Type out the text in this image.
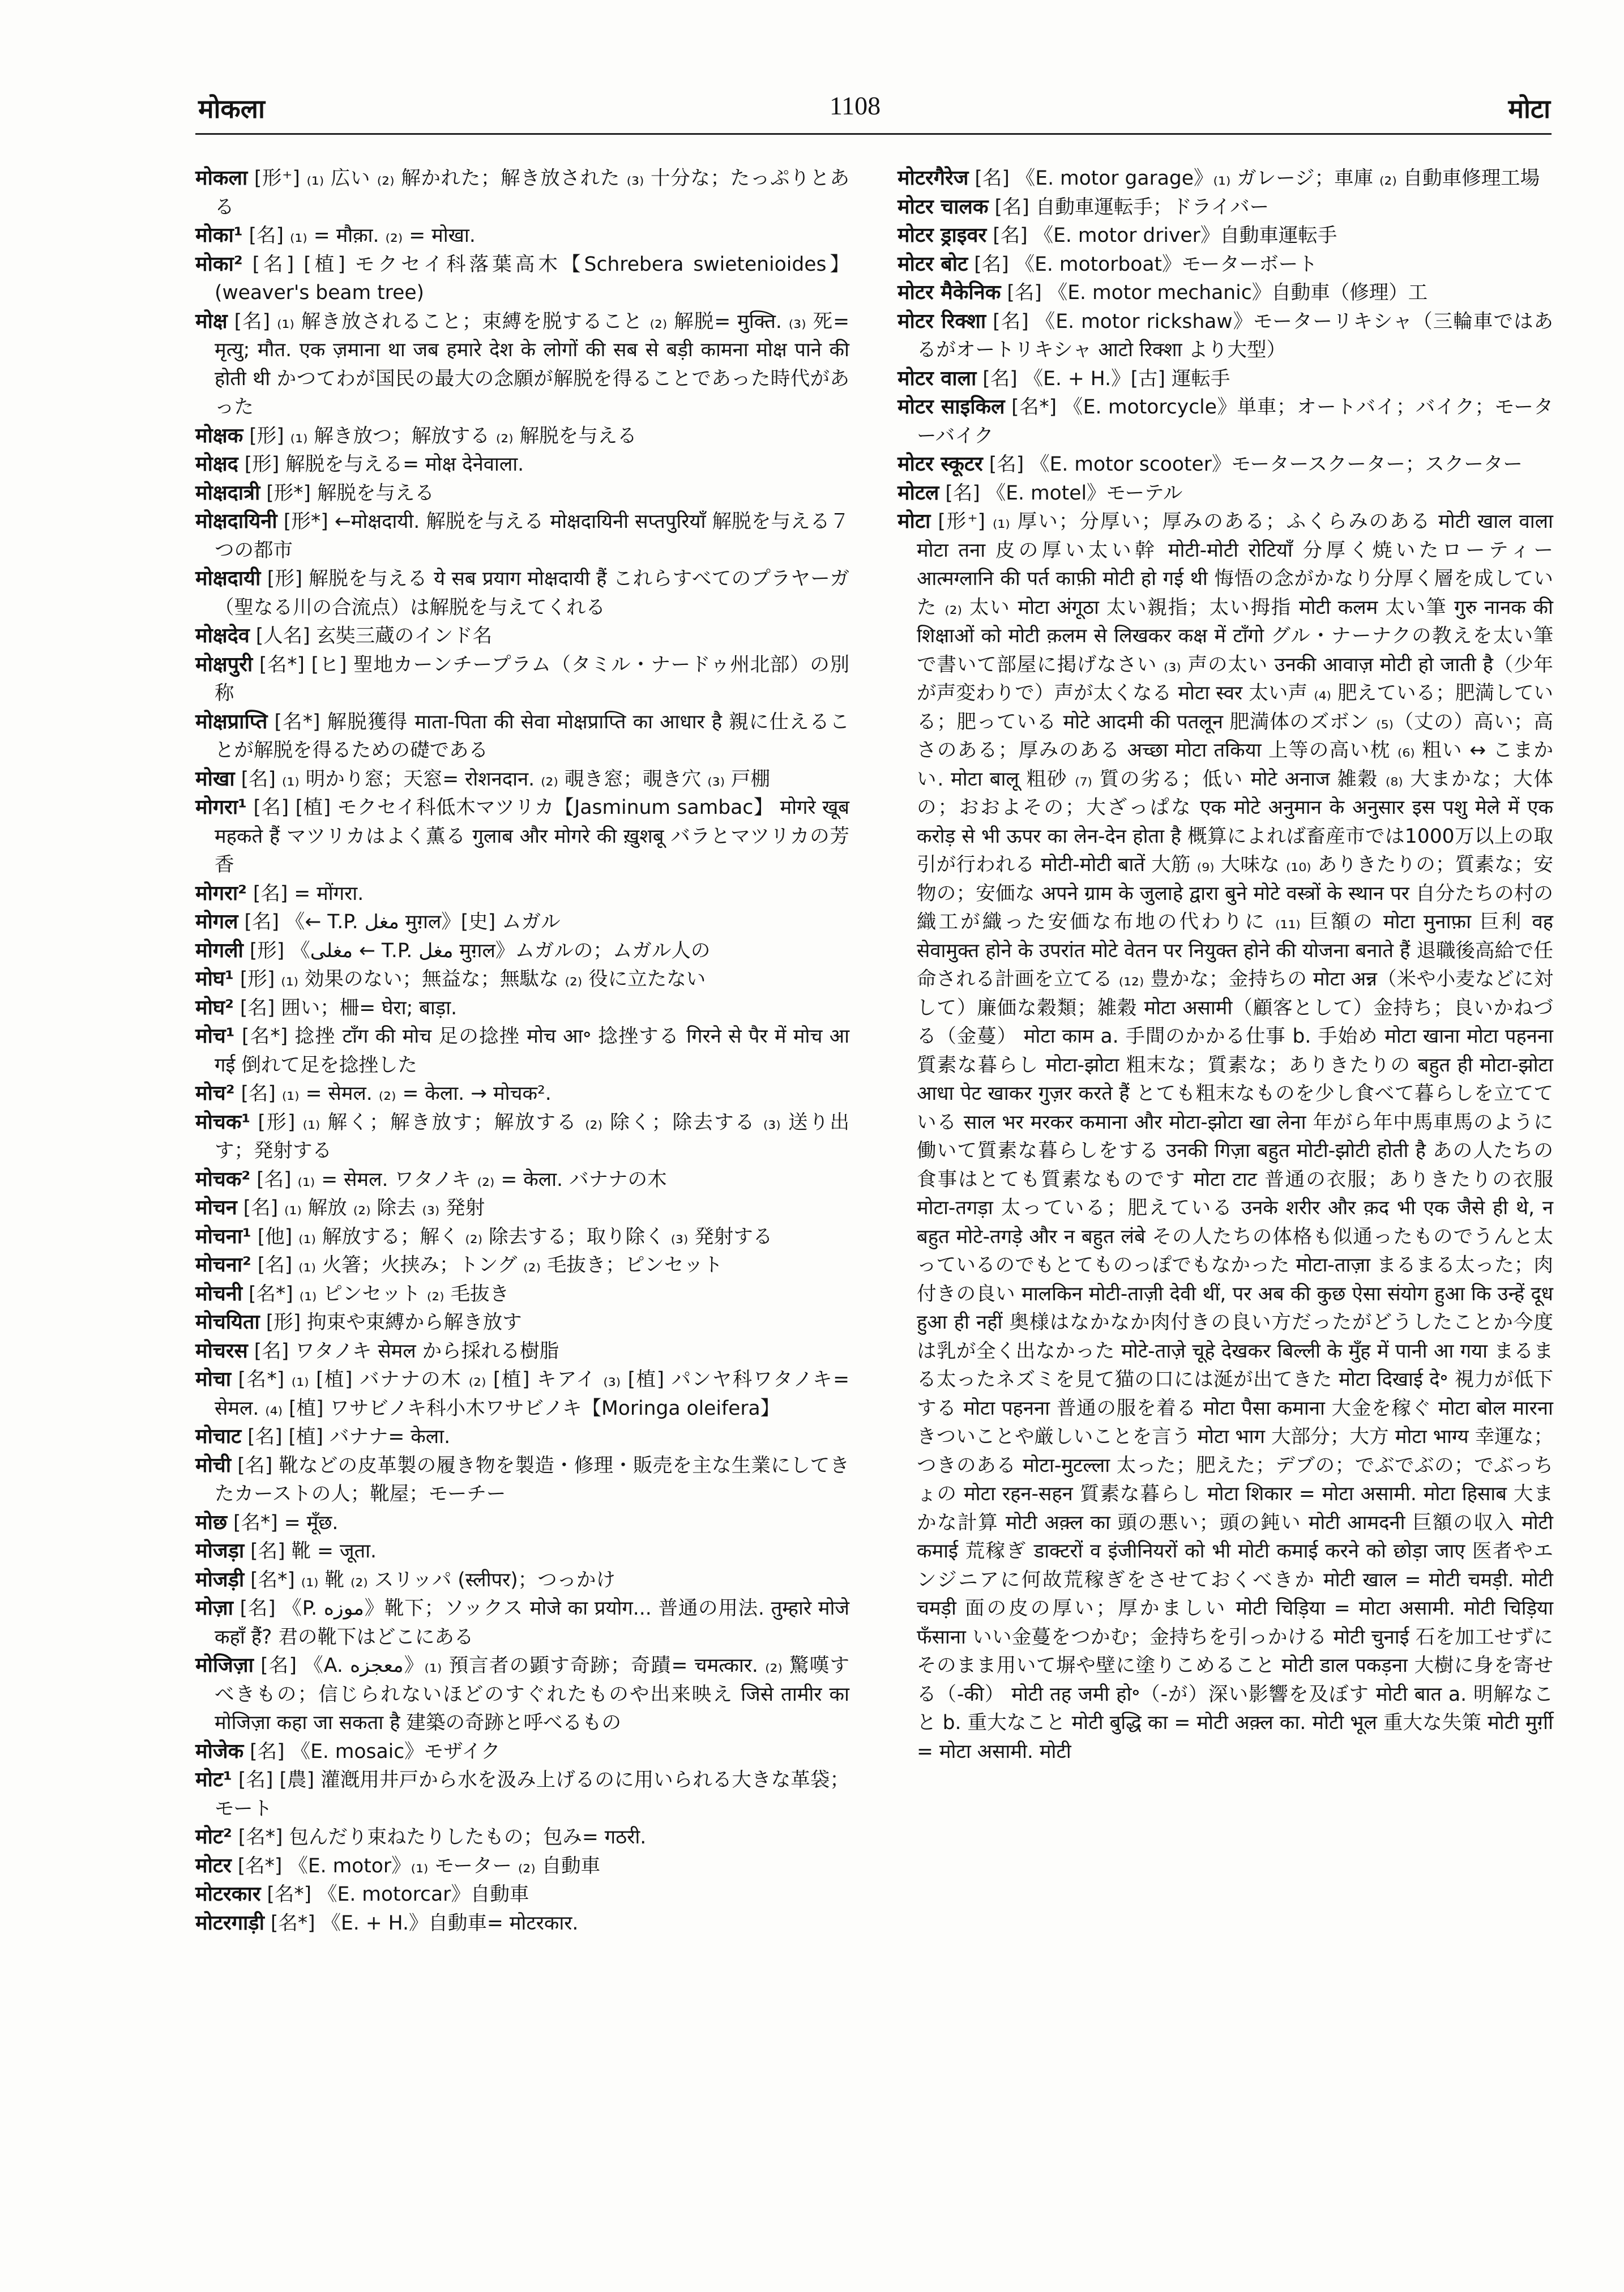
मोकला	1108	मोटा

मोकला [形⁺] ₍₁₎ 広い ₍₂₎ 解かれた；解き放された ₍₃₎ 十分な；たっぷりとある

मोका¹ [名] ₍₁₎ = मौक़ा. ₍₂₎ = मोखा.

मोका² [名] [植] モクセイ科落葉高木【Schrebera swietenioides】(weaver's beam tree)

मोक्ष [名] ₍₁₎ 解き放されること；束縛を脱すること ₍₂₎ 解脱= मुक्ति. ₍₃₎ 死= मृत्यु; मौत. एक ज़माना था जब हमारे देश के लोगों की सब से बड़ी कामना मोक्ष पाने की होती थी かつてわが国民の最大の念願が解脱を得ることであった時代があった

मोक्षक [形] ₍₁₎ 解き放つ；解放する ₍₂₎ 解脱を与える

मोक्षद [形] 解脱を与える= मोक्ष देनेवाला.

मोक्षदात्री [形*] 解脱を与える

मोक्षदायिनी [形*] ←मोक्षदायी. 解脱を与える मोक्षदायिनी सप्तपुरियाँ 解脱を与える７つの都市

मोक्षदायी [形] 解脱を与える ये सब प्रयाग मोक्षदायी हैं これらすべてのプラヤーガ（聖なる川の合流点）は解脱を与えてくれる

मोक्षदेव [人名] 玄奘三蔵のインド名

मोक्षपुरी [名*] [ヒ] 聖地カーンチープラム（タミル・ナードゥ州北部）の別称

मोक्षप्राप्ति [名*] 解脱獲得 माता-पिता की सेवा मोक्षप्राप्ति का आधार है 親に仕えることが解脱を得るための礎である

मोखा [名] ₍₁₎ 明かり窓；天窓= रोशनदान. ₍₂₎ 覗き窓；覗き穴 ₍₃₎ 戸棚

मोगरा¹ [名] [植] モクセイ科低木マツリカ【Jasminum sambac】 मोगरे खूब महकते हैं マツリカはよく薫る गुलाब और मोगरे की ख़ुशबू バラとマツリカの芳香

मोगरा² [名] = मोंगरा.

मोगल [名] 《← T.P. مغل मुग़ल》[史] ムガル

मोगली [形] 《مغلی ← T.P. مغل मुग़ल》ムガルの；ムガル人の

मोघ¹ [形] ₍₁₎ 効果のない；無益な；無駄な ₍₂₎ 役に立たない

मोघ² [名] 囲い；柵= घेरा; बाड़ा.

मोच¹ [名*] 捻挫 टाँग की मोच 足の捻挫 मोच आ॰ 捻挫する गिरने से पैर में मोच आ गई 倒れて足を捻挫した

मोच² [名] ₍₁₎ = सेमल. ₍₂₎ = केला. → मोचक².

मोचक¹ [形] ₍₁₎ 解く；解き放す；解放する ₍₂₎ 除く；除去する ₍₃₎ 送り出す；発射する

मोचक² [名] ₍₁₎ = सेमल. ワタノキ ₍₂₎ = केला. バナナの木

मोचन [名] ₍₁₎ 解放 ₍₂₎ 除去 ₍₃₎ 発射

मोचना¹ [他] ₍₁₎ 解放する；解く ₍₂₎ 除去する；取り除く ₍₃₎ 発射する

मोचना² [名] ₍₁₎ 火箸；火挟み；トング ₍₂₎ 毛抜き；ピンセット

मोचनी [名*] ₍₁₎ ピンセット ₍₂₎ 毛抜き

मोचयिता [形] 拘束や束縛から解き放す

मोचरस [名] ワタノキ सेमल から採れる樹脂

मोचा [名*] ₍₁₎ [植] バナナの木 ₍₂₎ [植] キアイ ₍₃₎ [植] パンヤ科ワタノキ= सेमल. ₍₄₎ [植] ワサビノキ科小木ワサビノキ【Moringa oleifera】

मोचाट [名] [植] バナナ= केला.

मोची [名] 靴などの皮革製の履き物を製造・修理・販売を主な生業にしてきたカーストの人；靴屋；モーチー

मोछ [名*] = मूँछ.

मोजड़ा [名] 靴 = जूता.

मोजड़ी [名*] ₍₁₎ 靴 ₍₂₎ スリッパ (स्लीपर)；つっかけ

मोज़ा [名] 《P. موزه》靴下；ソックス मोजे का प्रयोग... 普通の用法. तुम्हारे मोजे कहाँ हैं? 君の靴下はどこにある

मोजिज़ा [名] 《A. معجزه》₍₁₎ 預言者の顕す奇跡；奇蹟= चमत्कार. ₍₂₎ 驚嘆すべきもの；信じられないほどのすぐれたものや出来映え जिसे तामीर का मोजिज़ा कहा जा सकता है 建築の奇跡と呼べるもの

मोजेक [名] 《E. mosaic》モザイク

मोट¹ [名] [農] 灌漑用井戸から水を汲み上げるのに用いられる大きな革袋；モート

मोट² [名*] 包んだり束ねたりしたもの；包み= गठरी.

मोटर [名*] 《E. motor》₍₁₎ モーター ₍₂₎ 自動車

मोटरकार [名*] 《E. motorcar》自動車

मोटरगाड़ी [名*] 《E. + H.》自動車= मोटरकार.

मोटरगैरेज [名] 《E. motor garage》₍₁₎ ガレージ；車庫 ₍₂₎ 自動車修理工場

मोटर चालक [名] 自動車運転手；ドライバー

मोटर ड्राइवर [名] 《E. motor driver》自動車運転手

मोटर बोट [名] 《E. motorboat》モーターボート

मोटर मैकेनिक [名] 《E. motor mechanic》自動車（修理）工

मोटर रिक्शा [名] 《E. motor rickshaw》モーターリキシャ（三輪車ではあるがオートリキシャ आटो रिक्शा より大型）

मोटर वाला [名] 《E. + H.》[古] 運転手

मोटर साइकिल [名*] 《E. motorcycle》単車；オートバイ；バイク；モーターバイク

मोटर स्कूटर [名] 《E. motor scooter》モータースクーター；スクーター

मोटल [名] 《E. motel》モーテル

मोटा [形⁺] ₍₁₎ 厚い；分厚い；厚みのある；ふくらみのある मोटी खाल वाला मोटा तना 皮の厚い太い幹 मोटी-मोटी रोटियाँ 分厚く焼いたローティー आत्मग्लानि की पर्त काफ़ी मोटी हो गई थी 悔悟の念がかなり分厚く層を成していた ₍₂₎ 太い मोटा अंगूठा 太い親指；太い拇指 मोटी कलम 太い筆 गुरु नानक की शिक्षाओं को मोटी क़लम से लिखकर कक्ष में टाँगो グル・ナーナクの教えを太い筆で書いて部屋に掲げなさい ₍₃₎ 声の太い उनकी आवाज़ मोटी हो जाती है（少年が声変わりで）声が太くなる मोटा स्वर 太い声 ₍₄₎ 肥えている；肥満している；肥っている मोटे आदमी की पतलून 肥満体のズボン ₍₅₎（丈の）高い；高さのある；厚みのある अच्छा मोटा तकिया 上等の高い枕 ₍₆₎ 粗い ↔ こまかい. मोटा बालू 粗砂 ₍₇₎ 質の劣る；低い मोटे अनाज 雑穀 ₍₈₎ 大まかな；大体の；おおよその；大ざっぱな एक मोटे अनुमान के अनुसार इस पशु मेले में एक करोड़ से भी ऊपर का लेन-देन होता है 概算によれば畜産市では1000万以上の取引が行われる मोटी-मोटी बातें 大筋 ₍₉₎ 大味な ₍₁₀₎ ありきたりの；質素な；安物の；安価な अपने ग्राम के जुलाहे द्वारा बुने मोटे वस्त्रों के स्थान पर 自分たちの村の織工が織った安価な布地の代わりに ₍₁₁₎ 巨額の मोटा मुनाफ़ा 巨利 वह सेवामुक्त होने के उपरांत मोटे वेतन पर नियुक्त होने की योजना बनाते हैं 退職後高給で任命される計画を立てる ₍₁₂₎ 豊かな；金持ちの मोटा अन्न（米や小麦などに対して）廉価な穀類；雑穀 मोटा असामी（顧客として）金持ち；良いかねづる（金蔓） मोटा काम a. 手間のかかる仕事 b. 手始め मोटा खाना मोटा पहनना 質素な暮らし मोटा-झोटा 粗末な；質素な；ありきたりの बहुत ही मोटा-झोटा आधा पेट खाकर गुज़र करते हैं とても粗末なものを少し食べて暮らしを立てている साल भर मरकर कमाना और मोटा-झोटा खा लेना 年がら年中馬車馬のように働いて質素な暮らしをする उनकी गिज़ा बहुत मोटी-झोटी होती है あの人たちの食事はとても質素なものです मोटा टाट 普通の衣服；ありきたりの衣服 मोटा-तगड़ा 太っている；肥えている उनके शरीर और क़द भी एक जैसे ही थे, न बहुत मोटे-तगड़े और न बहुत लंबे その人たちの体格も似通ったものでうんと太っているのでもとてものっぽでもなかった मोटा-ताज़ा まるまる太った；肉付きの良い मालकिन मोटी-ताज़ी देवी थीं, पर अब की कुछ ऐसा संयोग हुआ कि उन्हें दूध हुआ ही नहीं 奥様はなかなか肉付きの良い方だったがどうしたことか今度は乳が全く出なかった मोटे-ताज़े चूहे देखकर बिल्ली के मुँह में पानी आ गया まるまる太ったネズミを見て猫の口には涎が出てきた मोटा दिखाई दे॰ 視力が低下する मोटा पहनना 普通の服を着る मोटा पैसा कमाना 大金を稼ぐ मोटा बोल मारना きついことや厳しいことを言う मोटा भाग 大部分；大方 मोटा भाग्य 幸運な；つきのある मोटा-मुटल्ला 太った；肥えた；デブの；でぶでぶの；でぶっちょの मोटा रहन-सहन 質素な暮らし मोटा शिकार = मोटा असामी. मोटा हिसाब 大まかな計算 मोटी अक़्ल का 頭の悪い；頭の鈍い मोटी आमदनी 巨額の収入 मोटी कमाई 荒稼ぎ डाक्टरों व इंजीनियरों को भी मोटी कमाई करने को छोड़ा जाए 医者やエンジニアに何故荒稼ぎをさせておくべきか मोटी खाल = मोटी चमड़ी. मोटी चमड़ी 面の皮の厚い；厚かましい मोटी चिड़िया = मोटा असामी. मोटी चिड़िया फँसाना いい金蔓をつかむ；金持ちを引っかける मोटी चुनाई 石を加工せずにそのまま用いて塀や壁に塗りこめること मोटी डाल पकड़ना 大樹に身を寄せる（-की） मोटी तह जमी हो॰（-が）深い影響を及ぼす मोटी बात a. 明解なこと b. 重大なこと मोटी बुद्धि का = मोटी अक़्ल का. मोटी भूल 重大な失策 मोटी मुर्ग़ी = मोटा असामी. मोटी
